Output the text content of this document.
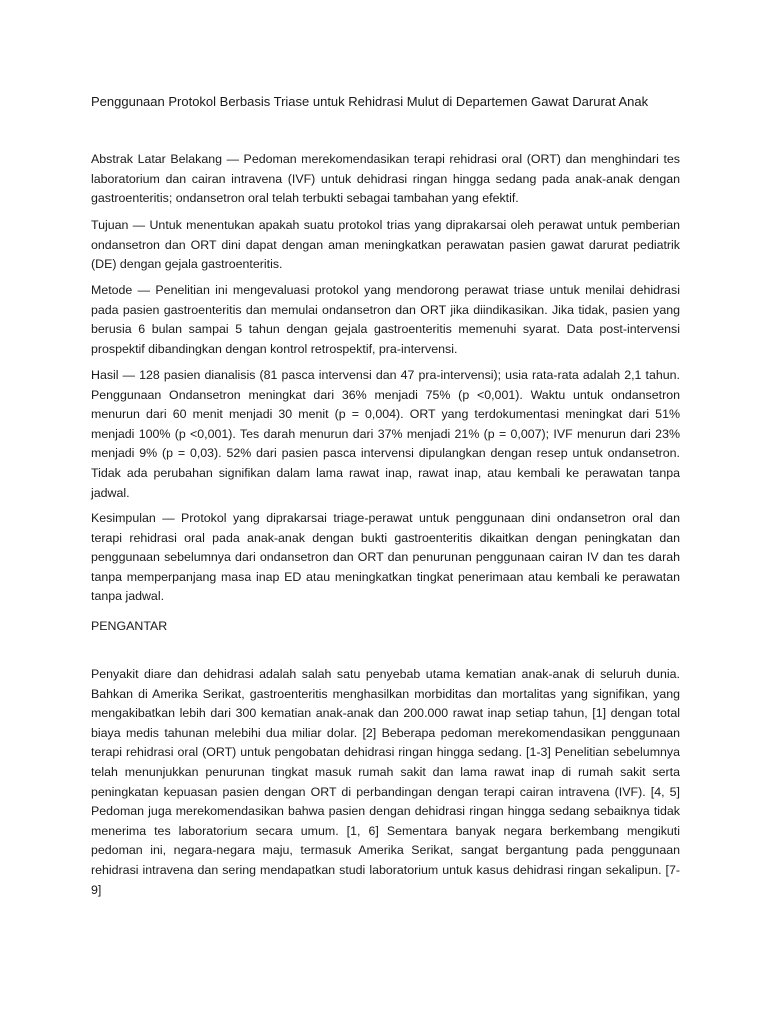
Penggunaan Protokol Berbasis Triase untuk Rehidrasi Mulut di Departemen Gawat Darurat Anak

Abstrak Latar Belakang — Pedoman merekomendasikan terapi rehidrasi oral (ORT) dan menghindari tes laboratorium dan cairan intravena (IVF) untuk dehidrasi ringan hingga sedang pada anak-anak dengan gastroenteritis; ondansetron oral telah terbukti sebagai tambahan yang efektif.

Tujuan — Untuk menentukan apakah suatu protokol trias yang diprakarsai oleh perawat untuk pemberian ondansetron dan ORT dini dapat dengan aman meningkatkan perawatan pasien gawat darurat pediatrik (DE) dengan gejala gastroenteritis.

Metode — Penelitian ini mengevaluasi protokol yang mendorong perawat triase untuk menilai dehidrasi pada pasien gastroenteritis dan memulai ondansetron dan ORT jika diindikasikan. Jika tidak, pasien yang berusia 6 bulan sampai 5 tahun dengan gejala gastroenteritis memenuhi syarat. Data post-intervensi prospektif dibandingkan dengan kontrol retrospektif, pra-intervensi.

Hasil — 128 pasien dianalisis (81 pasca intervensi dan 47 pra-intervensi); usia rata-rata adalah 2,1 tahun. Penggunaan Ondansetron meningkat dari 36% menjadi 75% (p <0,001). Waktu untuk ondansetron menurun dari 60 menit menjadi 30 menit (p = 0,004). ORT yang terdokumentasi meningkat dari 51% menjadi 100% (p <0,001). Tes darah menurun dari 37% menjadi 21% (p = 0,007); IVF menurun dari 23% menjadi 9% (p = 0,03). 52% dari pasien pasca intervensi dipulangkan dengan resep untuk ondansetron. Tidak ada perubahan signifikan dalam lama rawat inap, rawat inap, atau kembali ke perawatan tanpa jadwal.

Kesimpulan — Protokol yang diprakarsai triage-perawat untuk penggunaan dini ondansetron oral dan terapi rehidrasi oral pada anak-anak dengan bukti gastroenteritis dikaitkan dengan peningkatan dan penggunaan sebelumnya dari ondansetron dan ORT dan penurunan penggunaan cairan IV dan tes darah tanpa memperpanjang masa inap ED atau meningkatkan tingkat penerimaan atau kembali ke perawatan tanpa jadwal.

PENGANTAR

Penyakit diare dan dehidrasi adalah salah satu penyebab utama kematian anak-anak di seluruh dunia. Bahkan di Amerika Serikat, gastroenteritis menghasilkan morbiditas dan mortalitas yang signifikan, yang mengakibatkan lebih dari 300 kematian anak-anak dan 200.000 rawat inap setiap tahun, [1] dengan total biaya medis tahunan melebihi dua miliar dolar. [2] Beberapa pedoman merekomendasikan penggunaan terapi rehidrasi oral (ORT) untuk pengobatan dehidrasi ringan hingga sedang. [1-3] Penelitian sebelumnya telah menunjukkan penurunan tingkat masuk rumah sakit dan lama rawat inap di rumah sakit serta peningkatan kepuasan pasien dengan ORT di perbandingan dengan terapi cairan intravena (IVF). [4, 5] Pedoman juga merekomendasikan bahwa pasien dengan dehidrasi ringan hingga sedang sebaiknya tidak menerima tes laboratorium secara umum. [1, 6] Sementara banyak negara berkembang mengikuti pedoman ini, negara-negara maju, termasuk Amerika Serikat, sangat bergantung pada penggunaan rehidrasi intravena dan sering mendapatkan studi laboratorium untuk kasus dehidrasi ringan sekalipun. [7-9]
